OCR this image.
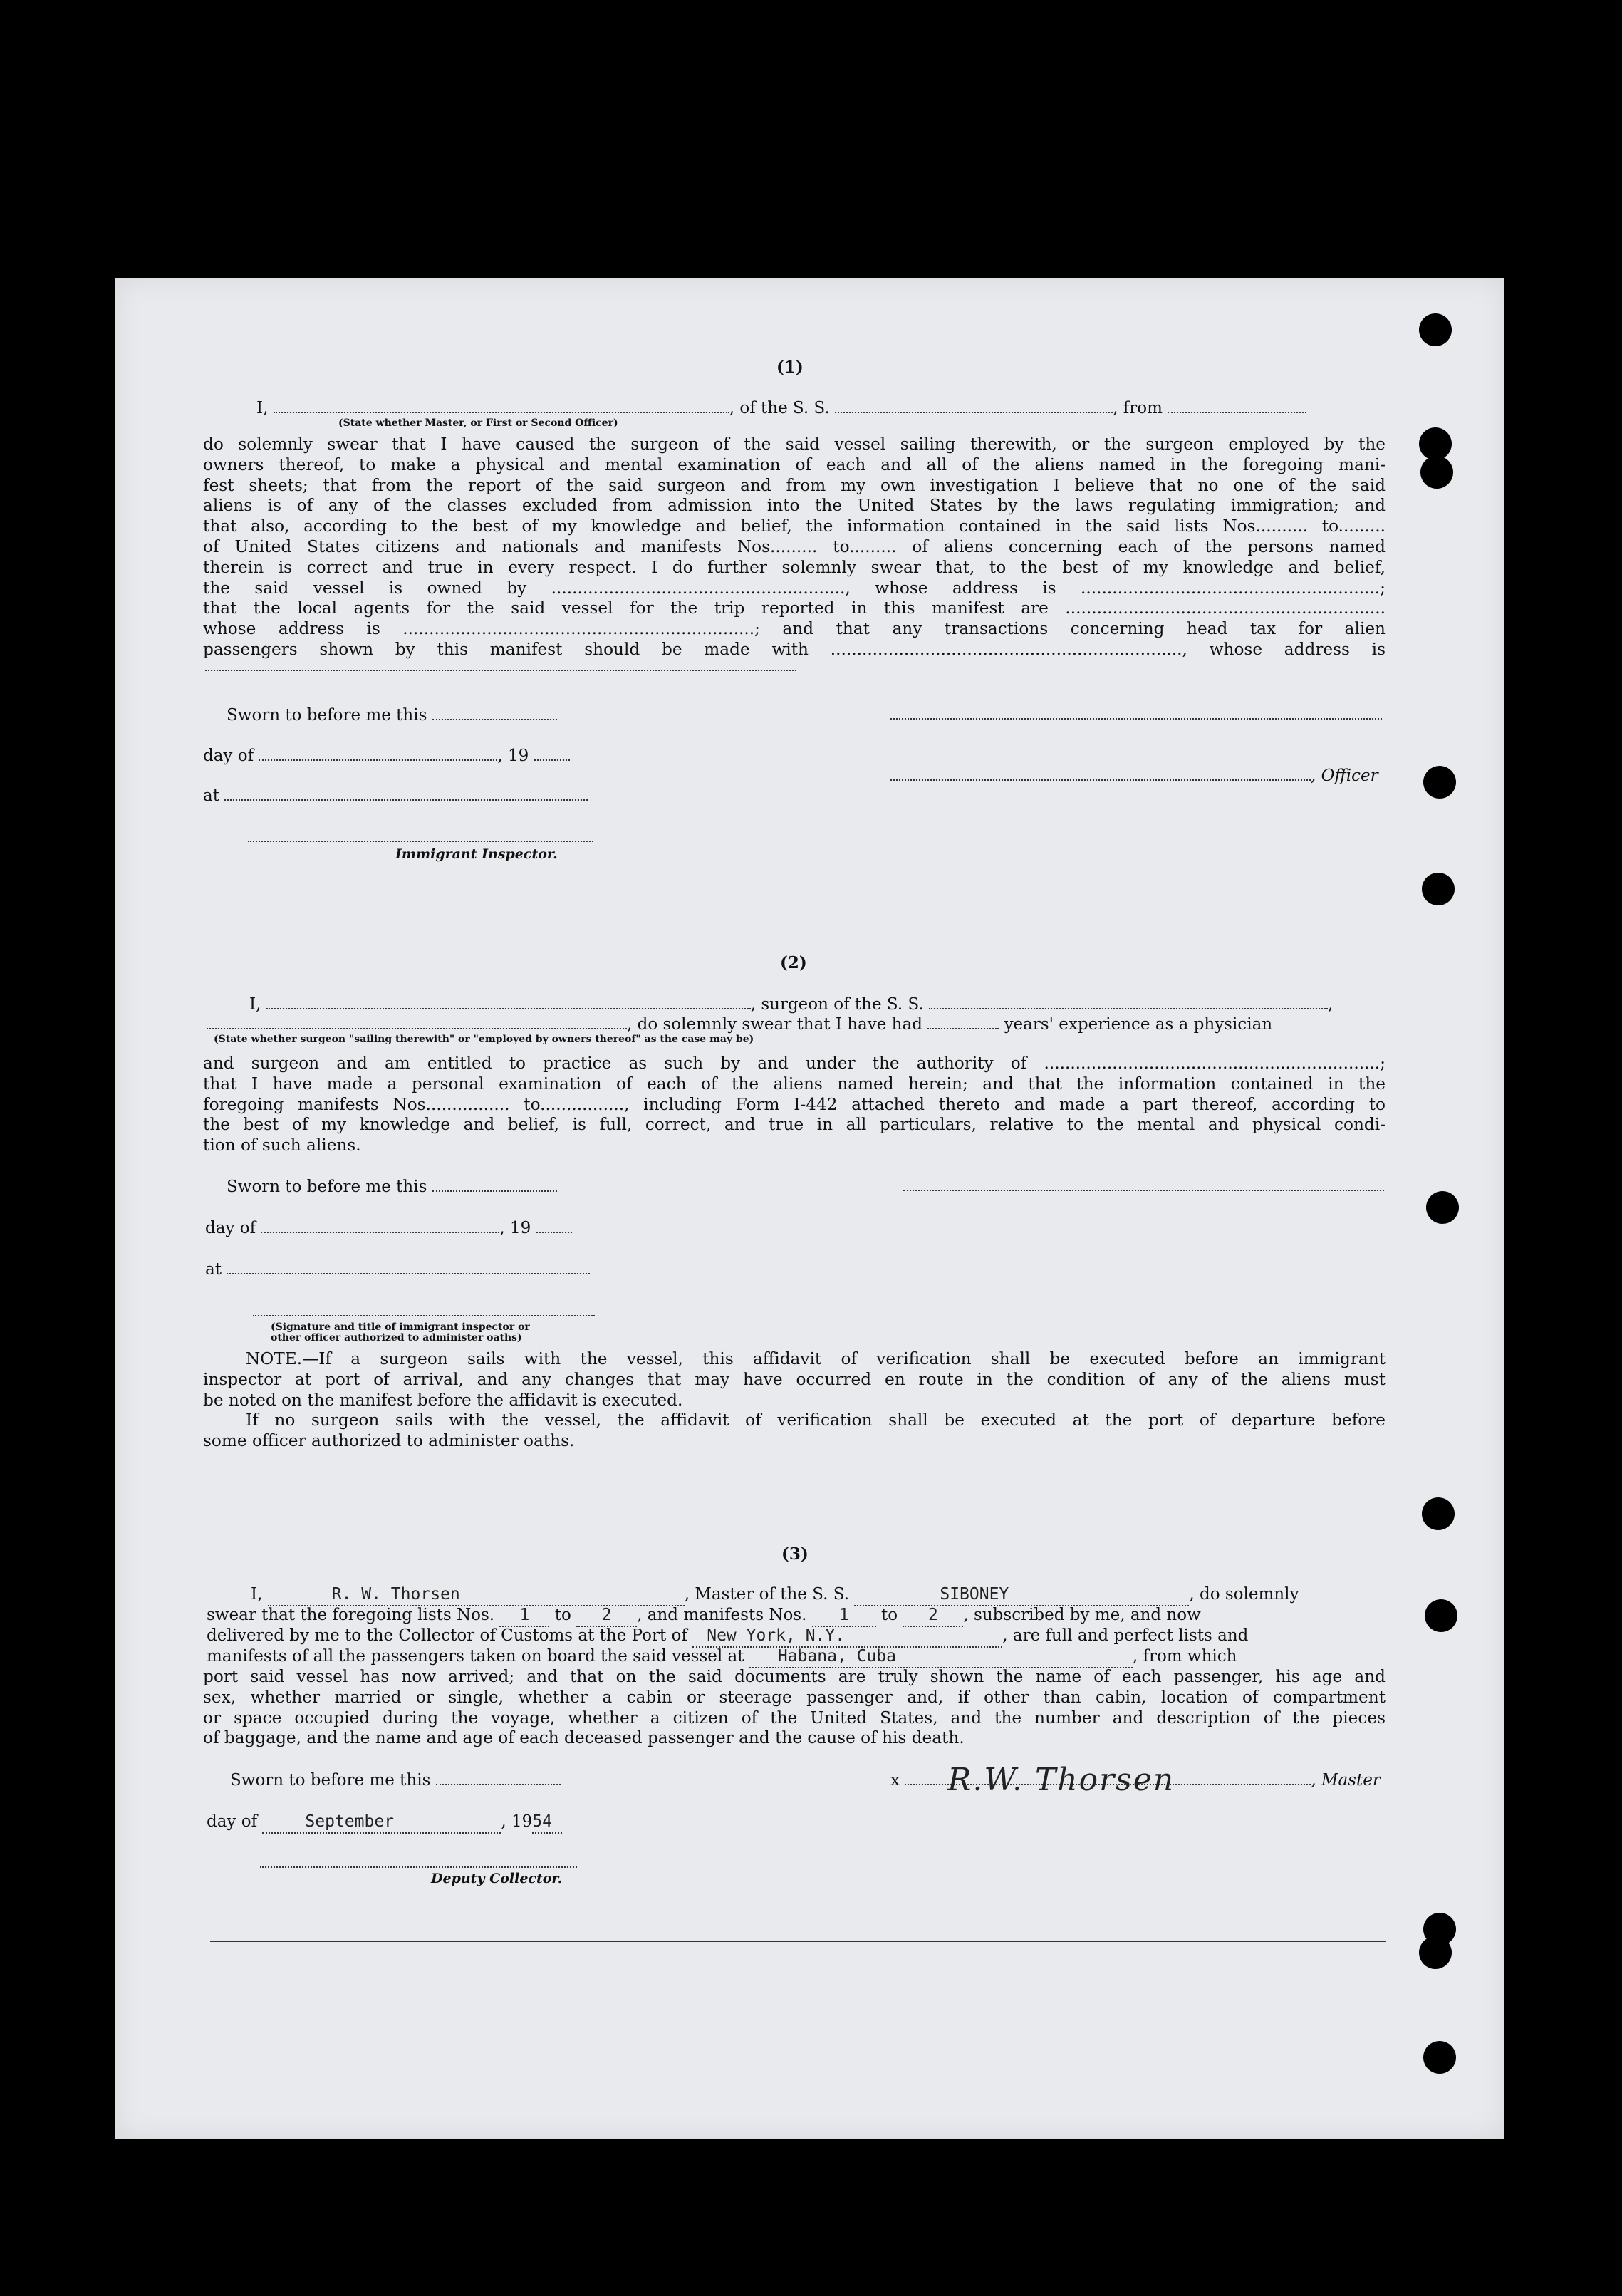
​	(1)
I,	, of the S. S.	, from
(State whether Master, or First or Second Officer)
do solemnly swear that I have caused the surgeon of the said vessel sailing therewith, or the surgeon employed by the
owners thereof, to make a physical and mental examination of each and all of the aliens named in the foregoing mani-
fest sheets; that from the report of the said surgeon and from my own investigation I believe that no one of the said
aliens is of any of the classes excluded from admission into the United States by the laws regulating immigration; and
that also, according to the best of my knowledge and belief, the information contained in the said lists Nos.......... to.........
of United States citizens and nationals and manifests Nos......... to......... of aliens concerning each of the persons named
therein is correct and true in every respect. I do further solemnly swear that, to the best of my knowledge and belief,
the said vessel is owned by ........................................................, whose address is .........................................................;
that the local agents for the said vessel for the trip reported in this manifest are .............................................................
whose address is ...................................................................; and that any transactions concerning head tax for alien
passengers shown by this manifest should be made with ..................................................................., whose address is
Sworn to before me this
day of	, 19
, Officer
at
Immigrant Inspector.
(2)
I,	, surgeon of the S. S.	,
, do solemnly swear that I have had	years' experience as a physician
(State whether surgeon "sailing therewith" or "employed by owners thereof" as the case may be)
and surgeon and am entitled to practice as such by and under the authority of ................................................................;
that I have made a personal examination of each of the aliens named herein; and that the information contained in the
foregoing manifests Nos................ to................, including Form I-442 attached thereto and made a part thereof, according to
the best of my knowledge and belief, is full, correct, and true in all particulars, relative to the mental and physical condi-
tion of such aliens.
Sworn to before me this
day of	, 19
at
(Signature and title of immigrant inspector or
other officer authorized to administer oaths)
NOTE.—If a surgeon sails with the vessel, this affidavit of verification shall be executed before an immigrant
inspector at port of arrival, and any changes that may have occurred en route in the condition of any of the aliens must
be noted on the manifest before the affidavit is executed.
If no surgeon sails with the vessel, the affidavit of verification shall be executed at the port of departure before
some officer authorized to administer oaths.
(3)
I,	R. W. Thorsen	, Master of the S. S.	SIBONEY	, do solemnly
swear that the foregoing lists Nos. 1 to 2 , and manifests Nos. 1 to 2 , subscribed by me, and now
delivered by me to the Collector of Customs at the Port of New York, N.Y.	, are full and perfect lists and
manifests of all the passengers taken on board the said vessel at Habana, Cuba	, from which
port said vessel has now arrived; and that on the said documents are truly shown the name of each passenger, his age and
sex, whether married or single, whether a cabin or steerage passenger and, if other than cabin, location of compartment
or space occupied during the voyage, whether a citizen of the United States, and the number and description of the pieces
of baggage, and the name and age of each deceased passenger and the cause of his death.
Sworn to before me this	x R.W. Thorsen	, Master
day of	September	, 1954
Deputy Collector.
